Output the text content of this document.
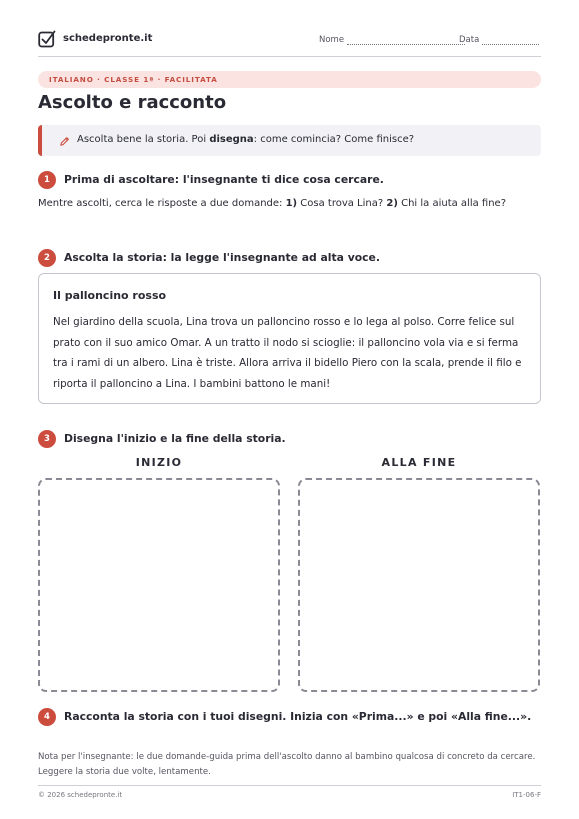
schedepronte.it	Nome	Data
ITALIANO · CLASSE 1ª · FACILITATA
Ascolto e racconto
Ascolta bene la storia. Poi disegna: come comincia? Come finisce?
1	Prima di ascoltare: l'insegnante ti dice cosa cercare.
Mentre ascolti, cerca le risposte a due domande: 1) Cosa trova Lina? 2) Chi la aiuta alla fine?
2	Ascolta la storia: la legge l'insegnante ad alta voce.
Il palloncino rosso
Nel giardino della scuola, Lina trova un palloncino rosso e lo lega al polso. Corre felice sul prato con il suo amico Omar. A un tratto il nodo si scioglie: il palloncino vola via e si ferma tra i rami di un albero. Lina è triste. Allora arriva il bidello Piero con la scala, prende il filo e riporta il palloncino a Lina. I bambini battono le mani!
3	Disegna l'inizio e la fine della storia.
INIZIO	ALLA FINE
4	Racconta la storia con i tuoi disegni. Inizia con «Prima...» e poi «Alla fine...».
Nota per l'insegnante: le due domande-guida prima dell'ascolto danno al bambino qualcosa di concreto da cercare. Leggere la storia due volte, lentamente.
© 2026 schedepronte.it	IT1-06-F
